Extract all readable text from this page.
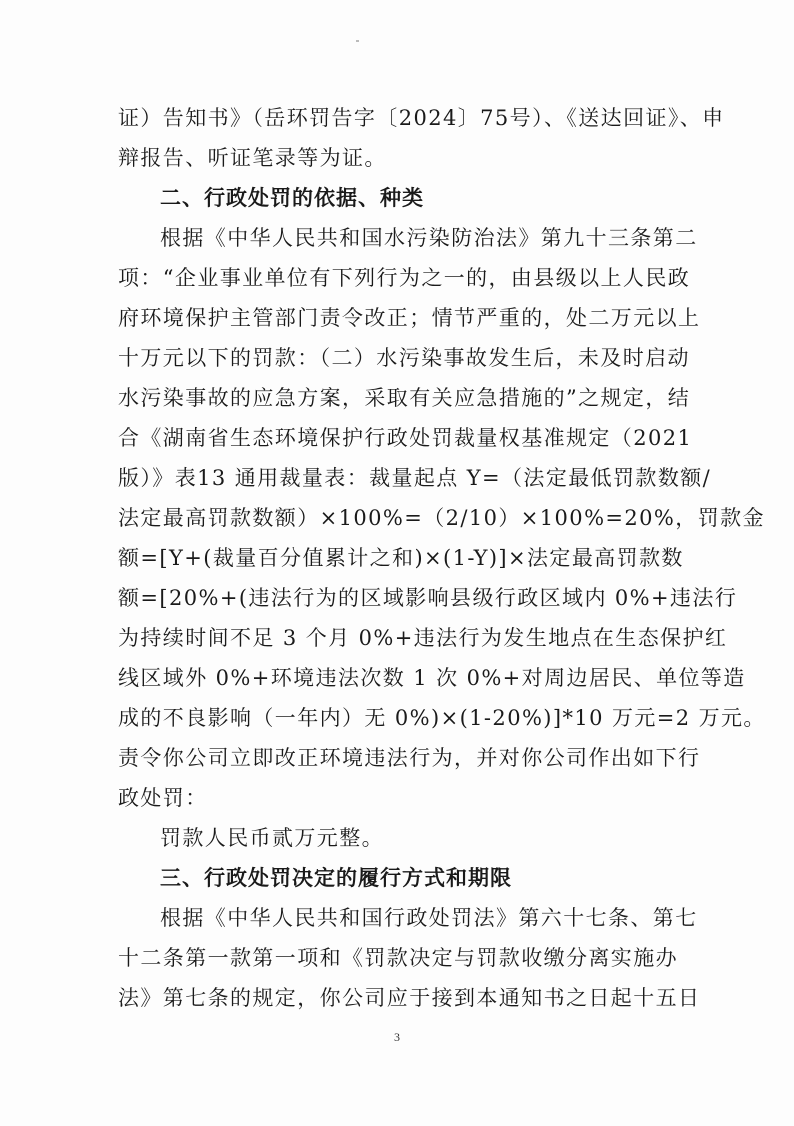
证）告知书》（岳环罚告字〔2024〕75号）、《送达回证》、申
辩报告、听证笔录等为证。
二、行政处罚的依据、种类
根据《中华人民共和国水污染防治法》第九十三条第二
项：“企业事业单位有下列行为之一的，由县级以上人民政
府环境保护主管部门责令改正；情节严重的，处二万元以上
十万元以下的罚款：（二）水污染事故发生后，未及时启动
水污染事故的应急方案，采取有关应急措施的”之规定，结
合《湖南省生态环境保护行政处罚裁量权基准规定（2021
版）》表13 通用裁量表：裁量起点 Y=（法定最低罚款数额/
法定最高罚款数额）×100%=（2/10）×100%=20%，罚款金
额=[Y+(裁量百分值累计之和)×(1-Y)]×法定最高罚款数
额=[20%+(违法行为的区域影响县级行政区域内 0%+违法行
为持续时间不足 3 个月 0%+违法行为发生地点在生态保护红
线区域外 0%+环境违法次数 1 次 0%+对周边居民、单位等造
成的不良影响（一年内）无 0%)×(1-20%)]*10 万元=2 万元。
责令你公司立即改正环境违法行为，并对你公司作出如下行
政处罚：
罚款人民币贰万元整。
三、行政处罚决定的履行方式和期限
根据《中华人民共和国行政处罚法》第六十七条、第七
十二条第一款第一项和《罚款决定与罚款收缴分离实施办
法》第七条的规定，你公司应于接到本通知书之日起十五日
3
